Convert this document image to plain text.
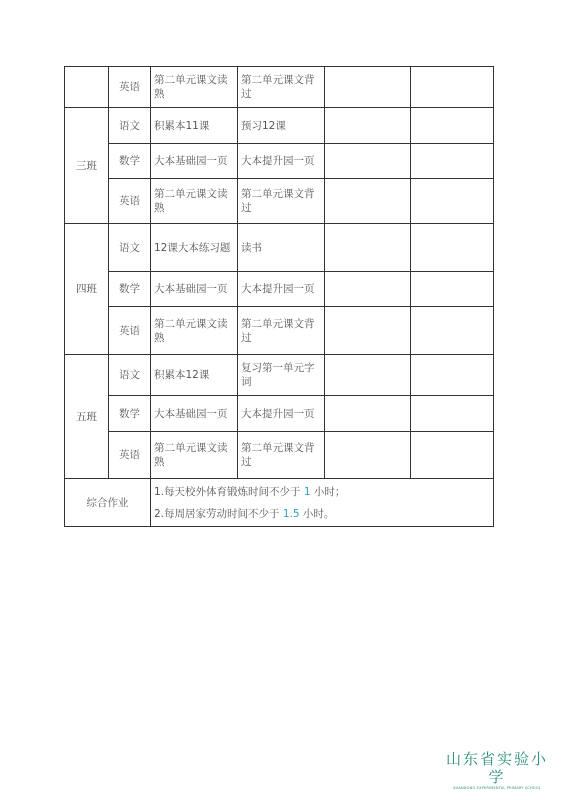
	英语	第二单元课文读熟	第二单元课文背过		
三班	语文	积累本11课	预习12课		
	数学	大本基础园一页	大本提升园一页		
	英语	第二单元课文读熟	第二单元课文背过		
四班	语文	12课大本练习题	读书		
	数学	大本基础园一页	大本提升园一页		
	英语	第二单元课文读熟	第二单元课文背过		
五班	语文	积累本12课	复习第一单元字词		
	数学	大本基础园一页	大本提升园一页		
	英语	第二单元课文读熟	第二单元课文背过		
综合作业		1.每天校外体育锻炼时间不少于 1 小时；
2.每周居家劳动时间不少于 1.5 小时。			
山东省实验小学
SHANDONG EXPERIMENTAL PRIMARY SCHOOL
